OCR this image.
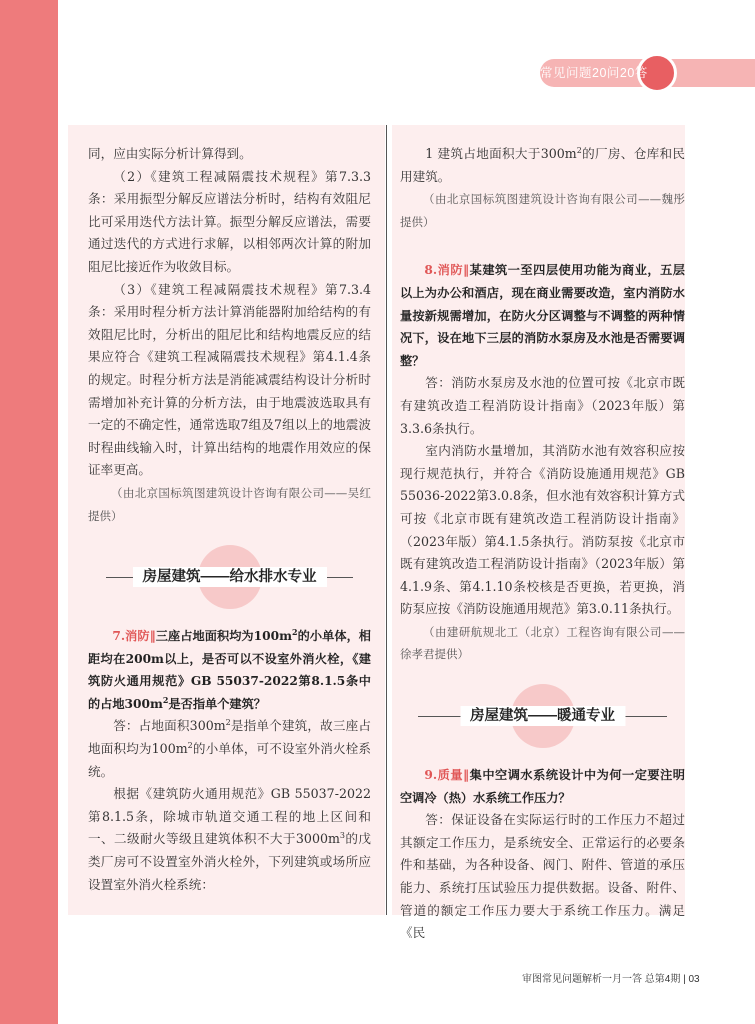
常见问题20问20答

同，应由实际分析计算得到。

（2）《建筑工程减隔震技术规程》第7.3.3条：采用振型分解反应谱法分析时，结构有效阻尼比可采用迭代方法计算。振型分解反应谱法，需要通过迭代的方式进行求解，以相邻两次计算的附加阻尼比接近作为收敛目标。

（3）《建筑工程减隔震技术规程》第7.3.4条：采用时程分析方法计算消能器附加给结构的有效阻尼比时，分析出的阻尼比和结构地震反应的结果应符合《建筑工程减隔震技术规程》第4.1.4条的规定。时程分析方法是消能减震结构设计分析时需增加补充计算的分析方法，由于地震波选取具有一定的不确定性，通常选取7组及7组以上的地震波时程曲线输入时，计算出结构的地震作用效应的保证率更高。

（由北京国标筑图建筑设计咨询有限公司——吴红提供）

房屋建筑——给水排水专业

7.消防‖三座占地面积均为$100m^2$的小单体，相距均在200m以上，是否可以不设室外消火栓，《建筑防火通用规范》GB 55037-2022第8.1.5条中的占地$300m^2$是否指单个建筑？

答：占地面积$300m^2$是指单个建筑，故三座占地面积均为$100m^2$的小单体，可不设室外消火栓系统。

根据《建筑防火通用规范》GB 55037-2022第8.1.5条，除城市轨道交通工程的地上区间和一、二级耐火等级且建筑体积不大于$3000m^3$的戊类厂房可不设置室外消火栓外，下列建筑或场所应设置室外消火栓系统：

1 建筑占地面积大于$300m^2$的厂房、仓库和民用建筑。

（由北京国标筑图建筑设计咨询有限公司——魏彤提供）

8.消防‖某建筑一至四层使用功能为商业，五层以上为办公和酒店，现在商业需要改造，室内消防水量按新规需增加，在防火分区调整与不调整的两种情况下，设在地下三层的消防水泵房及水池是否需要调整？

答：消防水泵房及水池的位置可按《北京市既有建筑改造工程消防设计指南》（2023年版）第3.3.6条执行。

室内消防水量增加，其消防水池有效容积应按现行规范执行，并符合《消防设施通用规范》GB 55036-2022第3.0.8条，但水池有效容积计算方式可按《北京市既有建筑改造工程消防设计指南》（2023年版）第4.1.5条执行。消防泵按《北京市既有建筑改造工程消防设计指南》（2023年版）第4.1.9条、第4.1.10条校核是否更换，若更换，消防泵应按《消防设施通用规范》第3.0.11条执行。

（由建研航规北工（北京）工程咨询有限公司——徐孝君提供）

房屋建筑——暖通专业

9.质量‖集中空调水系统设计中为何一定要注明空调冷（热）水系统工作压力？

答：保证设备在实际运行时的工作压力不超过其额定工作压力，是系统安全、正常运行的必要条件和基础，为各种设备、阀门、附件、管道的承压能力、系统打压试验压力提供数据。设备、附件、管道的额定工作压力要大于系统工作压力。满足《民

审图常见问题解析一月一答 总第4期 | 03
